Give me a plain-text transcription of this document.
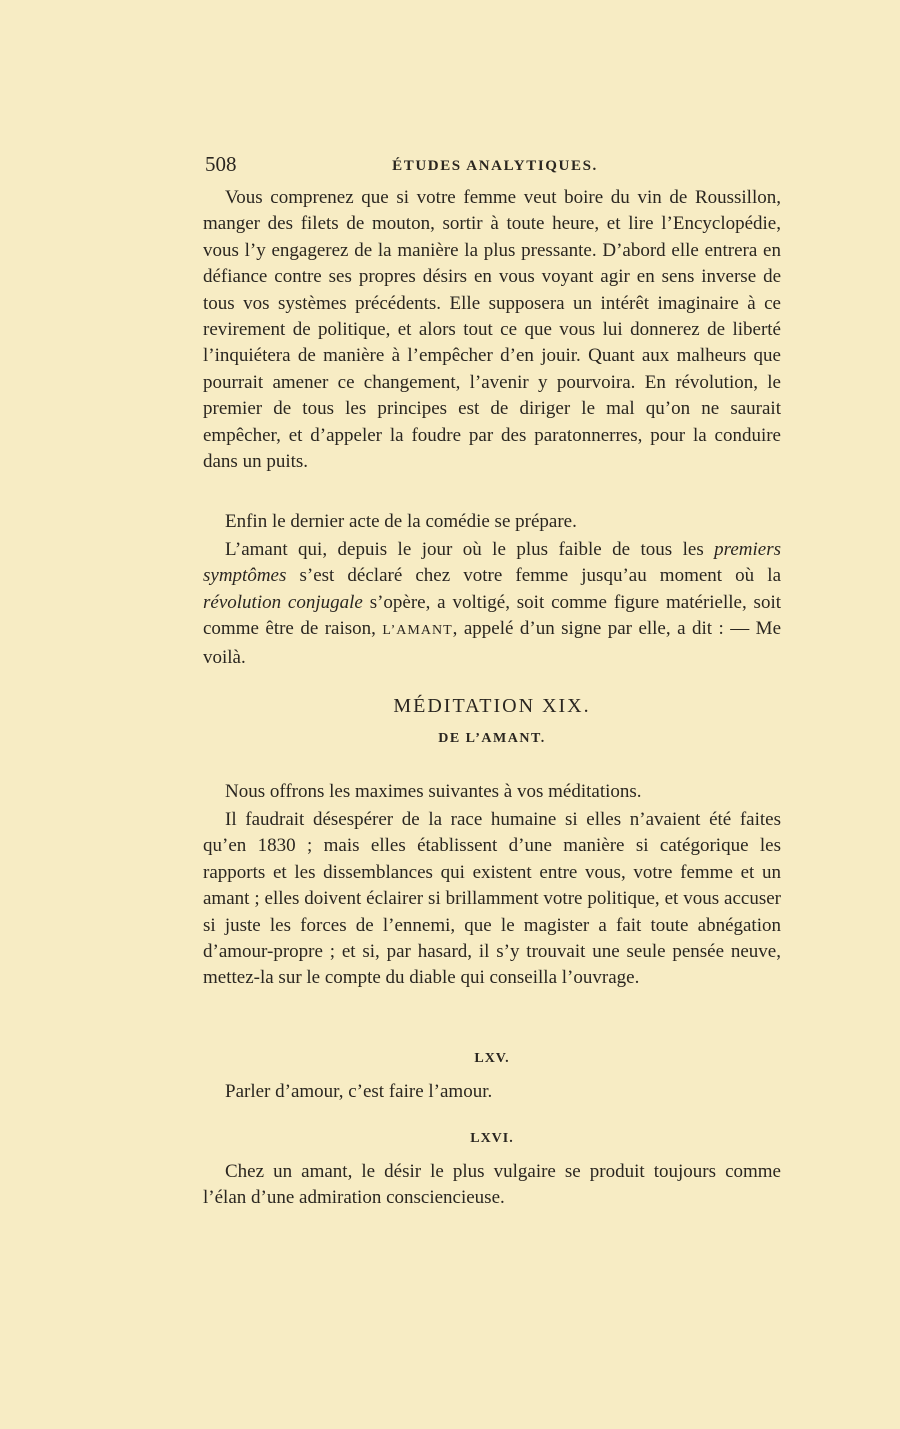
508	ÉTUDES ANALYTIQUES.

Vous comprenez que si votre femme veut boire du vin de Roussillon, manger des filets de mouton, sortir à toute heure, et lire l’Encyclopédie, vous l’y engagerez de la manière la plus pressante. D’abord elle entrera en défiance contre ses propres désirs en vous voyant agir en sens inverse de tous vos systèmes précédents. Elle supposera un intérêt imaginaire à ce revirement de politique, et alors tout ce que vous lui donnerez de liberté l’inquiétera de manière à l’empêcher d’en jouir. Quant aux malheurs que pourrait amener ce changement, l’avenir y pourvoira. En révolution, le premier de tous les principes est de diriger le mal qu’on ne saurait empêcher, et d’appeler la foudre par des paratonnerres, pour la conduire dans un puits.

Enfin le dernier acte de la comédie se prépare.

L’amant qui, depuis le jour où le plus faible de tous les premiers symptômes s’est déclaré chez votre femme jusqu’au moment où la révolution conjugale s’opère, a voltigé, soit comme figure matérielle, soit comme être de raison, L’AMANT, appelé d’un signe par elle, a dit : — Me voilà.

MÉDITATION XIX.
DE L’AMANT.

Nous offrons les maximes suivantes à vos méditations.

Il faudrait désespérer de la race humaine si elles n’avaient été faites qu’en 1830 ; mais elles établissent d’une manière si catégorique les rapports et les dissemblances qui existent entre vous, votre femme et un amant ; elles doivent éclairer si brillamment votre politique, et vous accuser si juste les forces de l’ennemi, que le magister a fait toute abnégation d’amour-propre ; et si, par hasard, il s’y trouvait une seule pensée neuve, mettez-la sur le compte du diable qui conseilla l’ouvrage.

LXV.

Parler d’amour, c’est faire l’amour.

LXVI.

Chez un amant, le désir le plus vulgaire se produit toujours comme l’élan d’une admiration consciencieuse.
